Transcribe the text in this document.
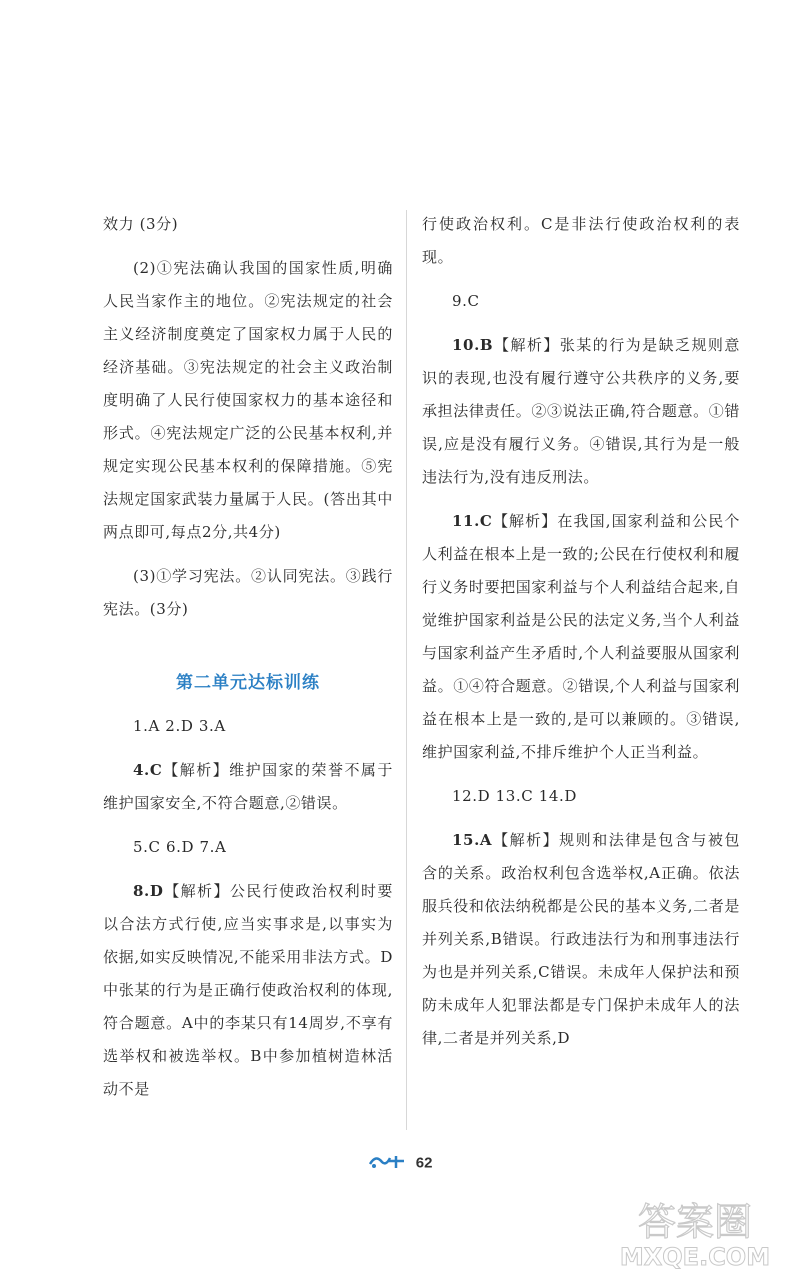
效力 (3分)

(2)①宪法确认我国的国家性质,明确人民当家作主的地位。②宪法规定的社会主义经济制度奠定了国家权力属于人民的经济基础。③宪法规定的社会主义政治制度明确了人民行使国家权力的基本途径和形式。④宪法规定广泛的公民基本权利,并规定实现公民基本权利的保障措施。⑤宪法规定国家武装力量属于人民。(答出其中两点即可,每点2分,共4分)

(3)①学习宪法。②认同宪法。③践行宪法。(3分)

第二单元达标训练

1.A 2.D 3.A

4.C【解析】维护国家的荣誉不属于维护国家安全,不符合题意,②错误。

5.C 6.D 7.A

8.D【解析】公民行使政治权利时要以合法方式行使,应当实事求是,以事实为依据,如实反映情况,不能采用非法方式。D中张某的行为是正确行使政治权利的体现,符合题意。A中的李某只有14周岁,不享有选举权和被选举权。B中参加植树造林活动不是

行使政治权利。C是非法行使政治权利的表现。

9.C

10.B【解析】张某的行为是缺乏规则意识的表现,也没有履行遵守公共秩序的义务,要承担法律责任。②③说法正确,符合题意。①错误,应是没有履行义务。④错误,其行为是一般违法行为,没有违反刑法。

11.C【解析】在我国,国家利益和公民个人利益在根本上是一致的;公民在行使权利和履行义务时要把国家利益与个人利益结合起来,自觉维护国家利益是公民的法定义务,当个人利益与国家利益产生矛盾时,个人利益要服从国家利益。①④符合题意。②错误,个人利益与国家利益在根本上是一致的,是可以兼顾的。③错误,维护国家利益,不排斥维护个人正当利益。

12.D 13.C 14.D

15.A【解析】规则和法律是包含与被包含的关系。政治权利包含选举权,A正确。依法服兵役和依法纳税都是公民的基本义务,二者是并列关系,B错误。行政违法行为和刑事违法行为也是并列关系,C错误。未成年人保护法和预防未成年人犯罪法都是专门保护未成年人的法律,二者是并列关系,D

62
答案圈
MXQE.COM
